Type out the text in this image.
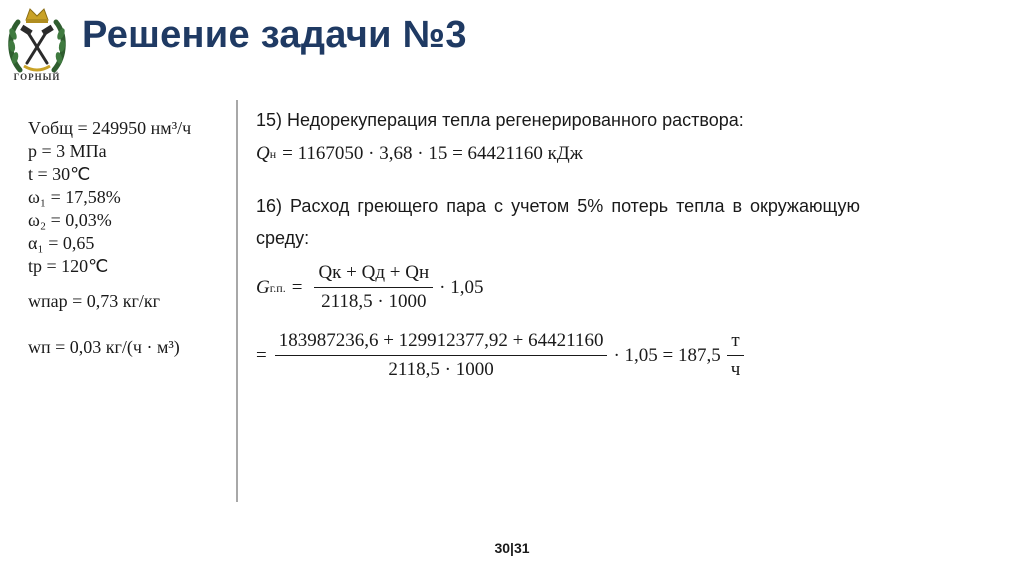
ГОРНЫЙ
Решение задачи №3
Vобщ = 249950 нм³/ч
p = 3 МПа
t = 30℃
ω₁ = 17,58%
ω₂ = 0,03%
α₁ = 0,65
tр = 120℃
wпар = 0,73 кг/кг
wп = 0,03 кг/(ч · м³)
15) Недорекуперация тепла регенерированного раствора:
Q н = 1167050 · 3,68 · 15 = 64421160 кДж
16) Расход греющего пара с учетом 5% потерь тепла в окружающую среду:
G г.п. = $\frac{Qк + Qд + Qн}{2118,5 \cdot 1000} \cdot 1,05$
= $\frac{183987236,6 + 129912377,92 + 64421160}{2118,5 \cdot 1000} \cdot 1,05 = 187,5 \frac{т}{ч}$
30|31
